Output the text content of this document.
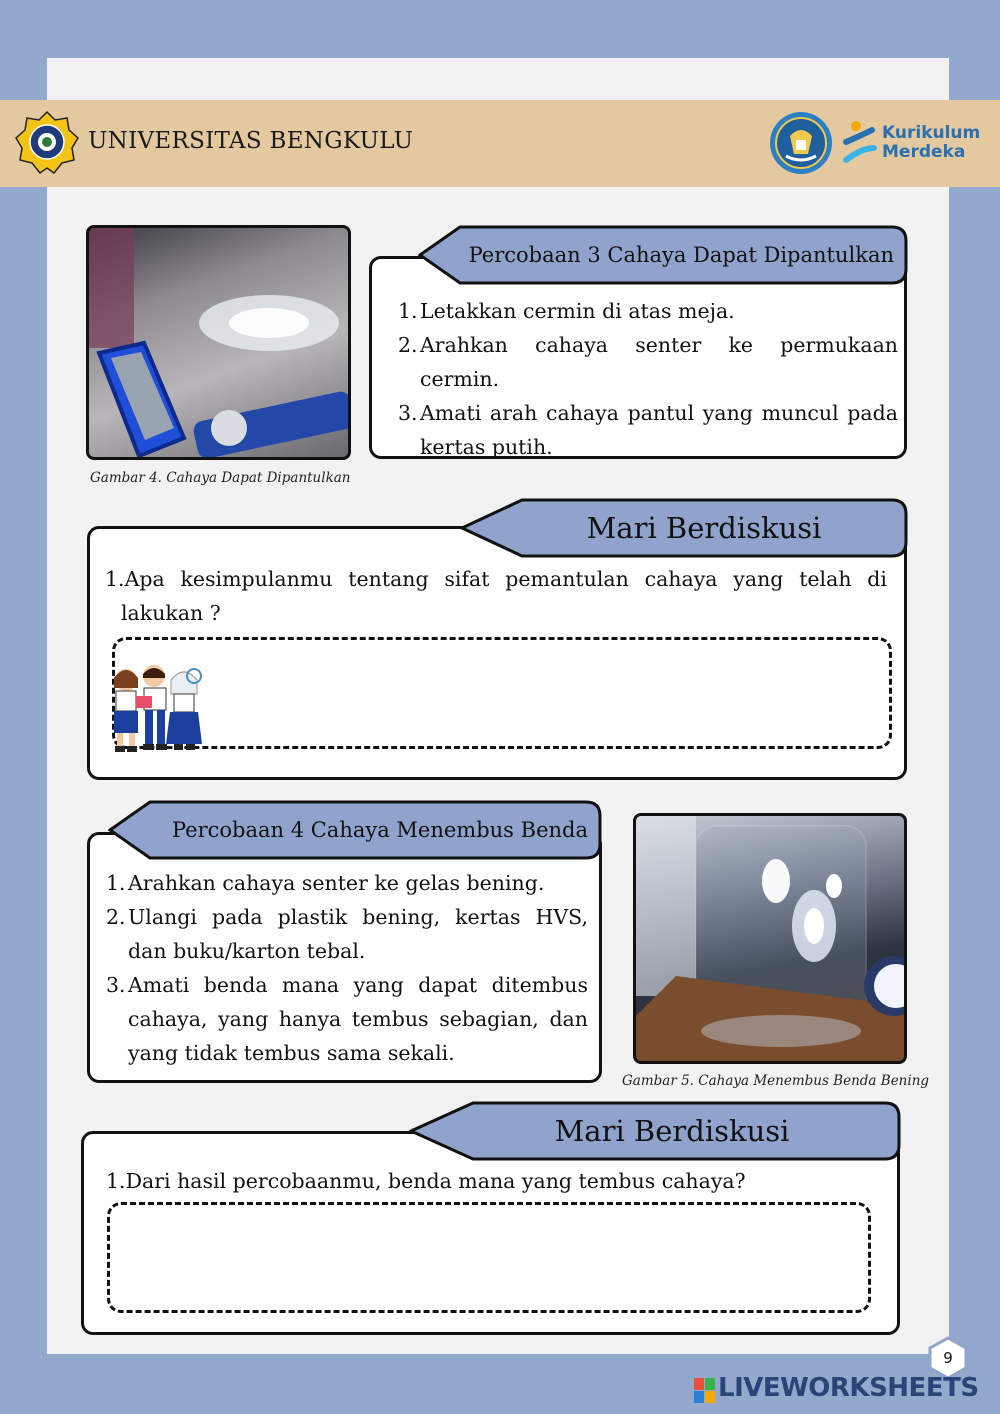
UNIVERSITAS BENGKULU	Kurikulum
Merdeka
Gambar 4. Cahaya Dapat Dipantulkan
Percobaan 3 Cahaya Dapat Dipantulkan
1. Letakkan cermin di atas meja.
2. Arahkan cahaya senter ke permukaan cermin.
3. Amati arah cahaya pantul yang muncul pada kertas putih.
Mari Berdiskusi
1.Apa kesimpulanmu tentang sifat pemantulan cahaya yang telah di lakukan ?
Percobaan 4 Cahaya Menembus Benda
1. Arahkan cahaya senter ke gelas bening.
2. Ulangi pada plastik bening, kertas HVS, dan buku/karton tebal.
3. Amati benda mana yang dapat ditembus cahaya, yang hanya tembus sebagian, dan yang tidak tembus sama sekali.
Gambar 5. Cahaya Menembus Benda Bening
Mari Berdiskusi
1.Dari hasil percobaanmu, benda mana yang tembus cahaya?
9
LIVEWORKSHEETS
